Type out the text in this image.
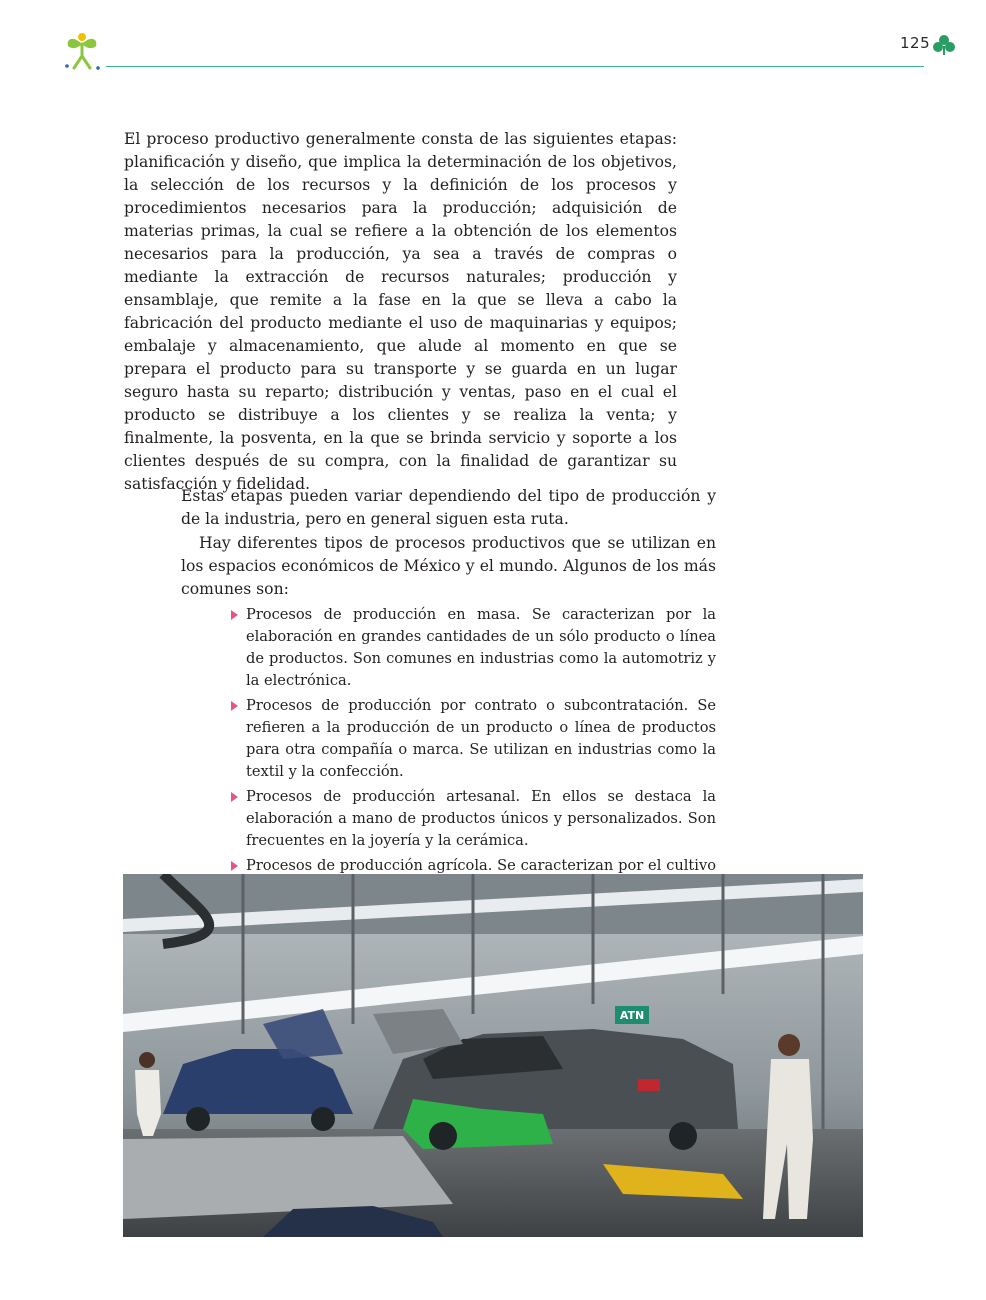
125

El proceso productivo generalmente consta de las siguientes etapas: planificación y diseño, que implica la determinación de los objetivos, la selección de los recursos y la definición de los procesos y procedimientos necesarios para la producción; adquisición de materias primas, la cual se refiere a la obtención de los elementos necesarios para la producción, ya sea a través de compras o mediante la extracción de recursos naturales; producción y ensamblaje, que remite a la fase en la que se lleva a cabo la fabricación del producto mediante el uso de maquinarias y equipos; embalaje y almacenamiento, que alude al momento en que se prepara el producto para su transporte y se guarda en un lugar seguro hasta su reparto; distribución y ventas, paso en el cual el producto se distribuye a los clientes y se realiza la venta; y finalmente, la posventa, en la que se brinda servicio y soporte a los clientes después de su compra, con la finalidad de garantizar su satisfacción y fidelidad.

Estas etapas pueden variar dependiendo del tipo de producción y de la industria, pero en general siguen esta ruta.

Hay diferentes tipos de procesos productivos que se utilizan en los espacios económicos de México y el mundo. Algunos de los más comunes son:

Procesos de producción en masa. Se caracterizan por la elaboración en grandes cantidades de un sólo producto o línea de productos. Son comunes en industrias como la automotriz y la electrónica.
Procesos de producción por contrato o subcontratación. Se refieren a la producción de un producto o línea de productos para otra compañía o marca. Se utilizan en industrias como la textil y la confección.
Procesos de producción artesanal. En ellos se destaca la elaboración a mano de productos únicos y personalizados. Son frecuentes en la joyería y la cerámica.
Procesos de producción agrícola. Se caracterizan por el cultivo
ATN
